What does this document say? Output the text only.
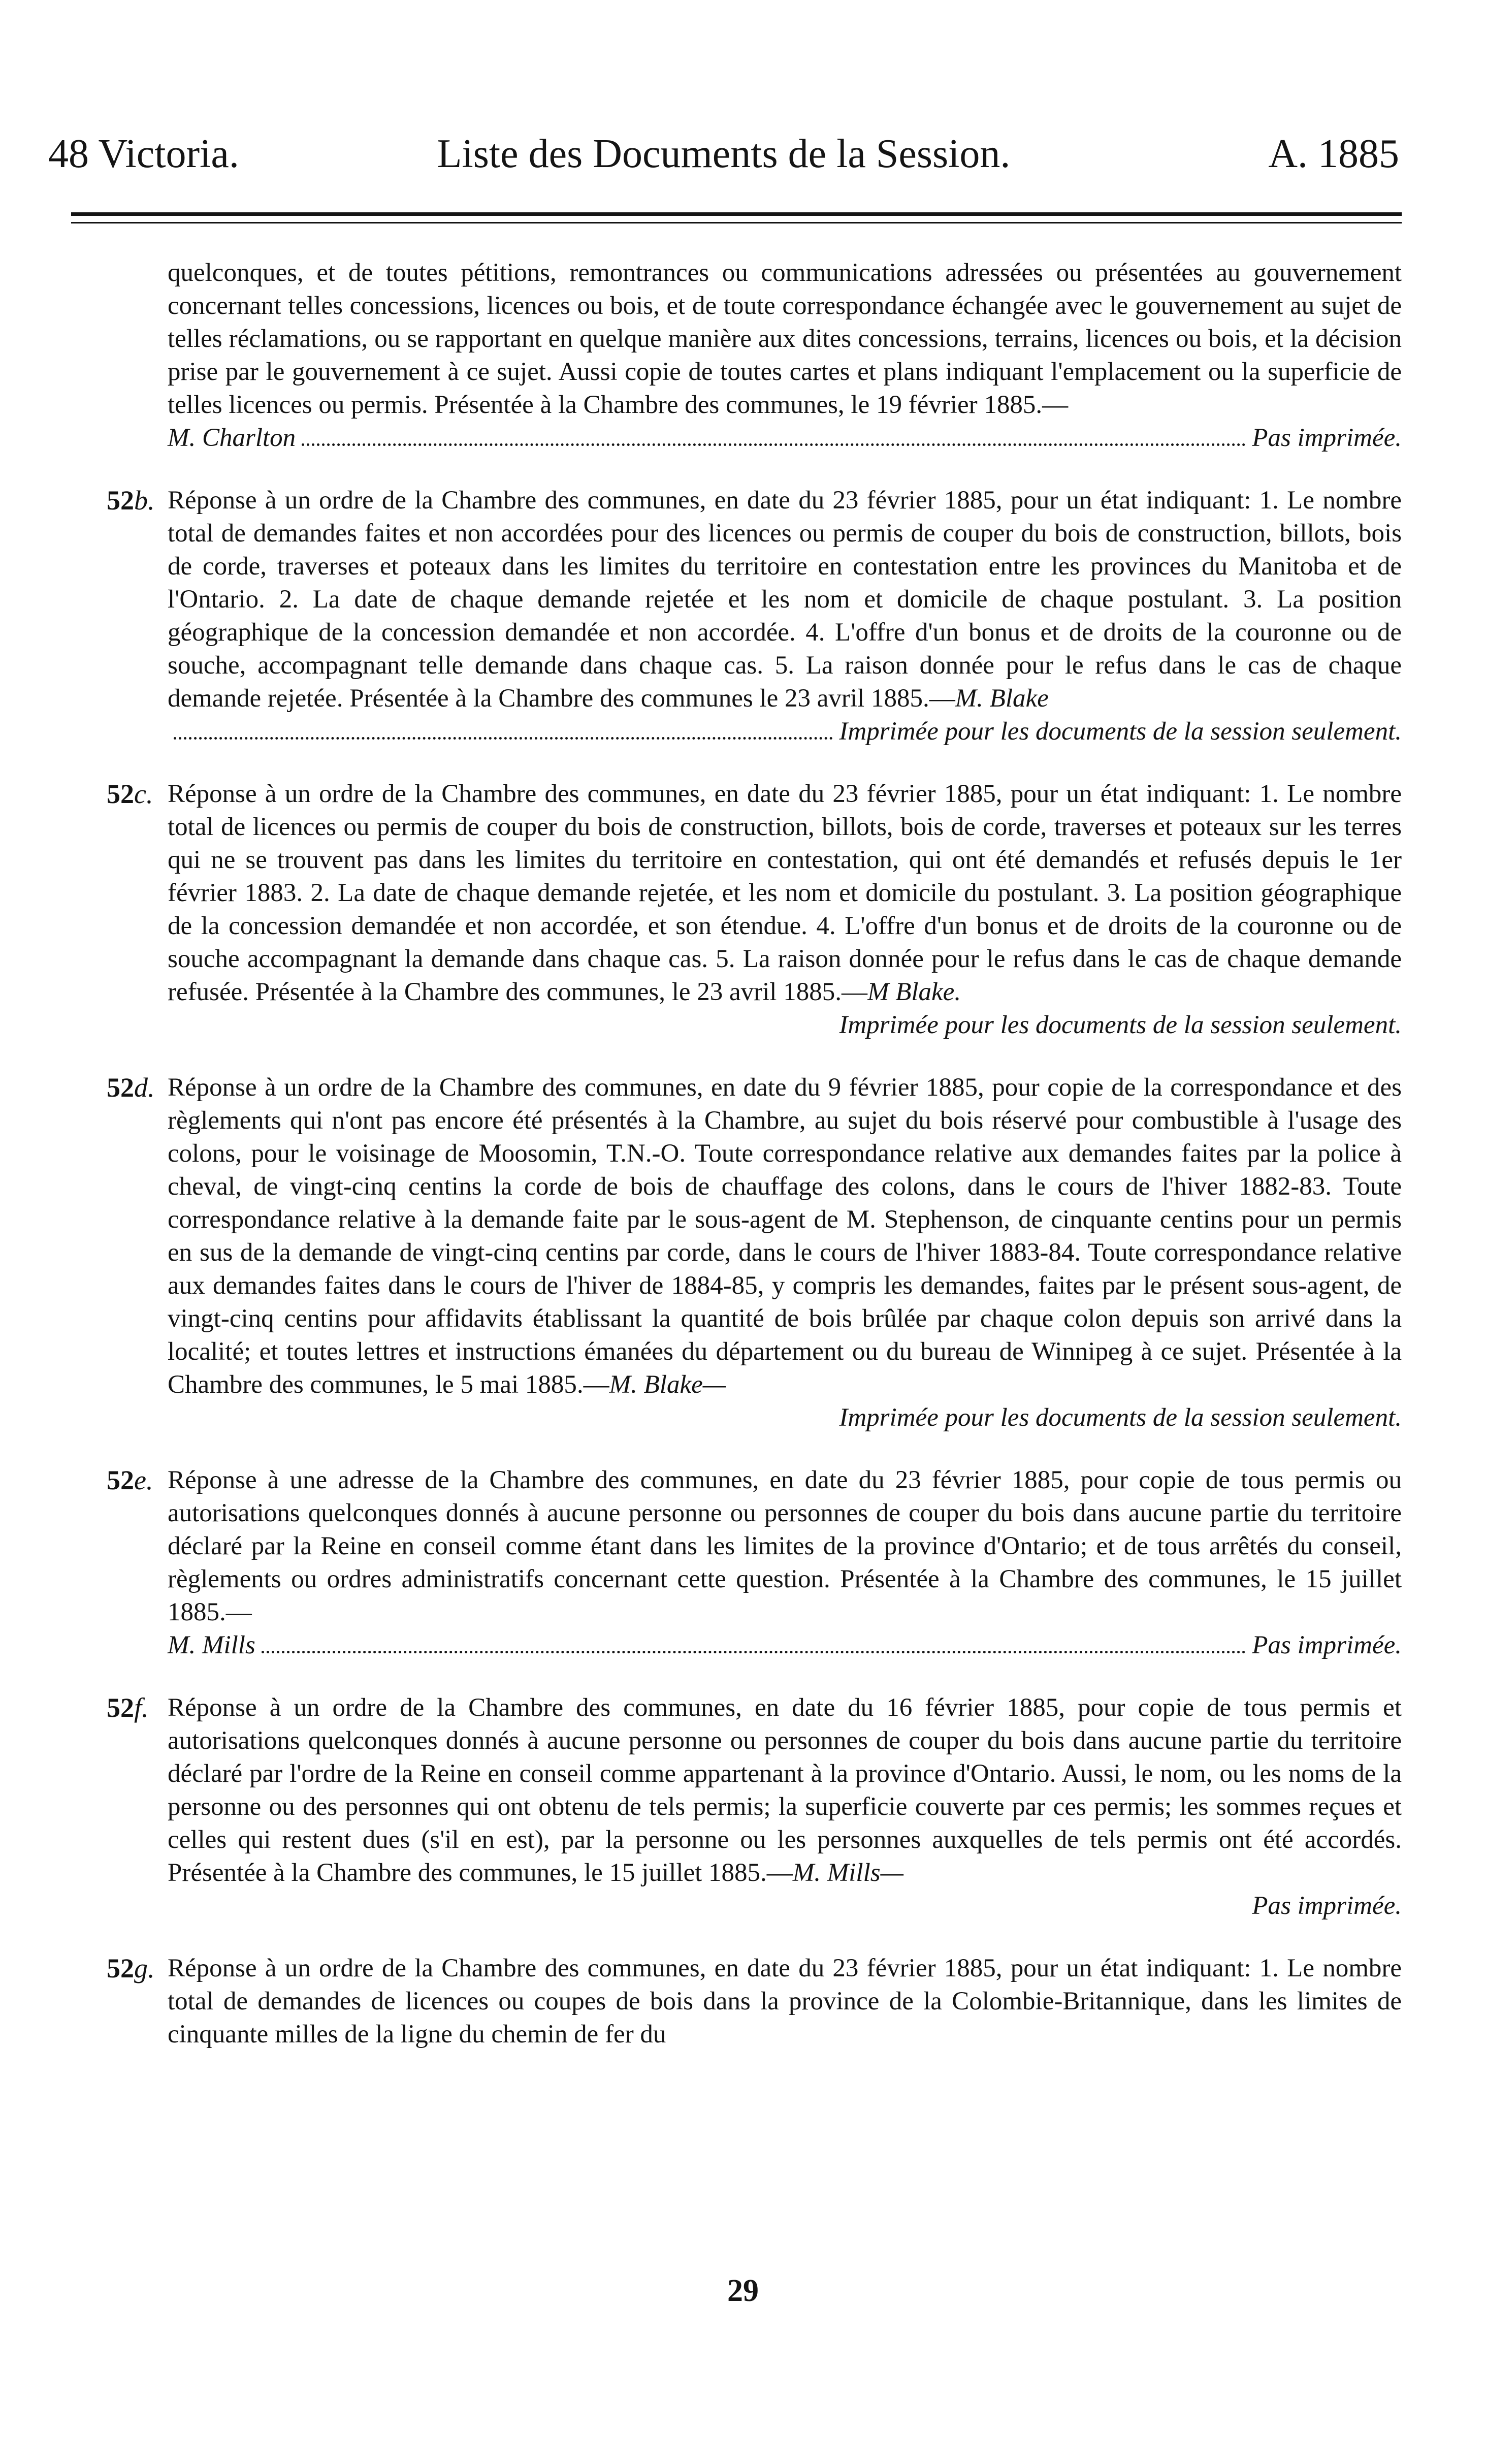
48 Victoria.	Liste des Documents de la Session.	A. 1885
quelconques, et de toutes pétitions, remontrances ou communications adressées ou présentées au gouvernement concernant telles concessions, licences ou bois, et de toute correspondance échangée avec le gouvernement au sujet de telles réclamations, ou se rapportant en quelque manière aux dites concessions, terrains, licences ou bois, et la décision prise par le gouvernement à ce sujet. Aussi copie de toutes cartes et plans indiquant l'emplacement ou la superficie de telles licences ou permis. Présentée à la Chambre des communes, le 19 février 1885.—
M. Charlton	Pas imprimée.
52b. Réponse à un ordre de la Chambre des communes, en date du 23 février 1885, pour un état indiquant: 1. Le nombre total de demandes faites et non accordées pour des licences ou permis de couper du bois de construction, billots, bois de corde, traverses et poteaux dans les limites du territoire en contestation entre les provinces du Manitoba et de l'Ontario. 2. La date de chaque demande rejetée et les nom et domicile de chaque postulant. 3. La position géographique de la concession demandée et non accordée. 4. L'offre d'un bonus et de droits de la couronne ou de souche, accompagnant telle demande dans chaque cas. 5. La raison donnée pour le refus dans le cas de chaque demande rejetée. Présentée à la Chambre des communes le 23 avril 1885.—M. Blake
Imprimée pour les documents de la session seulement.
52c. Réponse à un ordre de la Chambre des communes, en date du 23 février 1885, pour un état indiquant: 1. Le nombre total de licences ou permis de couper du bois de construction, billots, bois de corde, traverses et poteaux sur les terres qui ne se trouvent pas dans les limites du territoire en contestation, qui ont été demandés et refusés depuis le 1er février 1883. 2. La date de chaque demande rejetée, et les nom et domicile du postulant. 3. La position géographique de la concession demandée et non accordée, et son étendue. 4. L'offre d'un bonus et de droits de la couronne ou de souche accompagnant la demande dans chaque cas. 5. La raison donnée pour le refus dans le cas de chaque demande refusée. Présentée à la Chambre des communes, le 23 avril 1885.—M Blake.
Imprimée pour les documents de la session seulement.
52d. Réponse à un ordre de la Chambre des communes, en date du 9 février 1885, pour copie de la correspondance et des règlements qui n'ont pas encore été présentés à la Chambre, au sujet du bois réservé pour combustible à l'usage des colons, pour le voisinage de Moosomin, T.N.-O. Toute correspondance relative aux demandes faites par la police à cheval, de vingt-cinq centins la corde de bois de chauffage des colons, dans le cours de l'hiver 1882-83. Toute correspondance relative à la demande faite par le sous-agent de M. Stephenson, de cinquante centins pour un permis en sus de la demande de vingt-cinq centins par corde, dans le cours de l'hiver 1883-84. Toute correspondance relative aux demandes faites dans le cours de l'hiver de 1884-85, y compris les demandes, faites par le présent sous-agent, de vingt-cinq centins pour affidavits établissant la quantité de bois brûlée par chaque colon depuis son arrivé dans la localité; et toutes lettres et instructions émanées du département ou du bureau de Winnipeg à ce sujet. Présentée à la Chambre des communes, le 5 mai 1885.—M. Blake—
Imprimée pour les documents de la session seulement.
52e. Réponse à une adresse de la Chambre des communes, en date du 23 février 1885, pour copie de tous permis ou autorisations quelconques donnés à aucune personne ou personnes de couper du bois dans aucune partie du territoire déclaré par la Reine en conseil comme étant dans les limites de la province d'Ontario; et de tous arrêtés du conseil, règlements ou ordres administratifs concernant cette question. Présentée à la Chambre des communes, le 15 juillet 1885.—
M. Mills	Pas imprimée.
52f. Réponse à un ordre de la Chambre des communes, en date du 16 février 1885, pour copie de tous permis et autorisations quelconques donnés à aucune personne ou personnes de couper du bois dans aucune partie du territoire déclaré par l'ordre de la Reine en conseil comme appartenant à la province d'Ontario. Aussi, le nom, ou les noms de la personne ou des personnes qui ont obtenu de tels permis; la superficie couverte par ces permis; les sommes reçues et celles qui restent dues (s'il en est), par la personne ou les personnes auxquelles de tels permis ont été accordés. Présentée à la Chambre des communes, le 15 juillet 1885.—M. Mills—
Pas imprimée.
52g. Réponse à un ordre de la Chambre des communes, en date du 23 février 1885, pour un état indiquant: 1. Le nombre total de demandes de licences ou coupes de bois dans la province de la Colombie-Britannique, dans les limites de cinquante milles de la ligne du chemin de fer du
29
